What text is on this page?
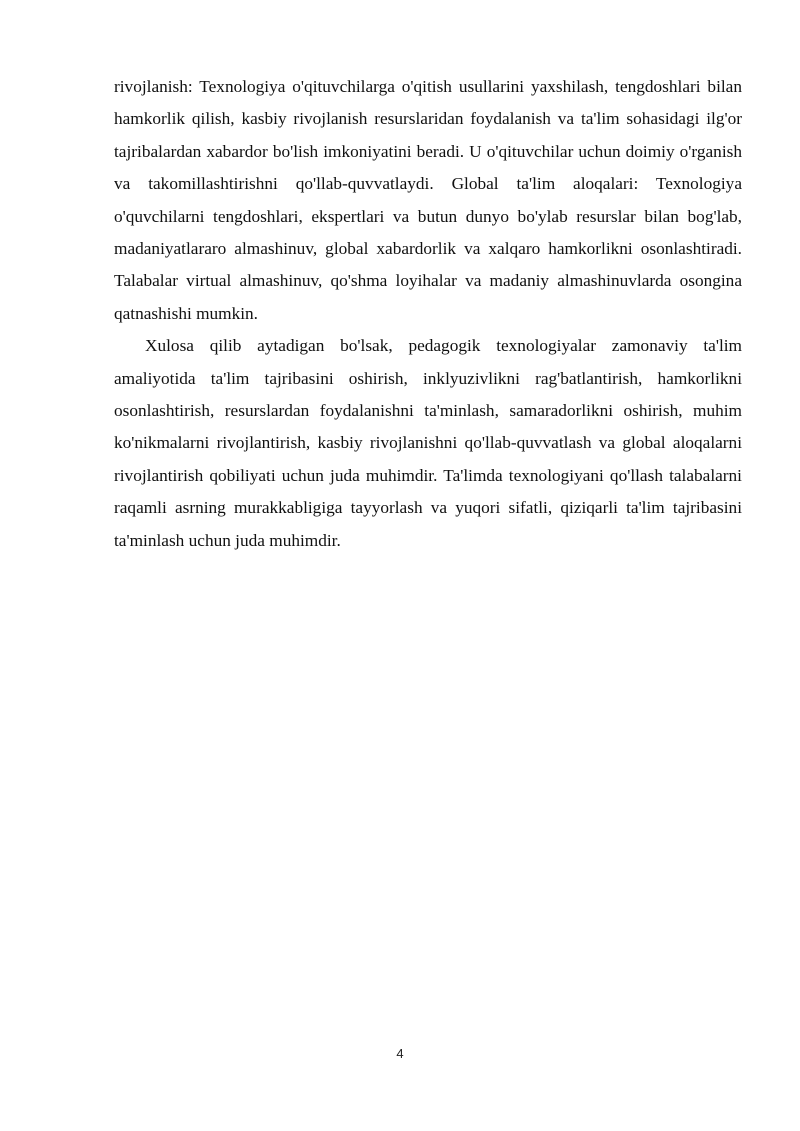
rivojlanish: Texnologiya o'qituvchilarga o'qitish usullarini yaxshilash, tengdoshlari bilan hamkorlik qilish, kasbiy rivojlanish resurslaridan foydalanish va ta'lim sohasidagi ilg'or tajribalardan xabardor bo'lish imkoniyatini beradi. U o'qituvchilar uchun doimiy o'rganish va takomillashtirishni qo'llab-quvvatlaydi. Global ta'lim aloqalari: Texnologiya o'quvchilarni tengdoshlari, ekspertlari va butun dunyo bo'ylab resurslar bilan bog'lab, madaniyatlararo almashinuv, global xabardorlik va xalqaro hamkorlikni osonlashtiradi. Talabalar virtual almashinuv, qo'shma loyihalar va madaniy almashinuvlarda osongina qatnashishi mumkin.

Xulosa qilib aytadigan bo'lsak, pedagogik texnologiyalar zamonaviy ta'lim amaliyotida ta'lim tajribasini oshirish, inklyuzivlikni rag'batlantirish, hamkorlikni osonlashtirish, resurslardan foydalanishni ta'minlash, samaradorlikni oshirish, muhim ko'nikmalarni rivojlantirish, kasbiy rivojlanishni qo'llab-quvvatlash va global aloqalarni rivojlantirish qobiliyati uchun juda muhimdir. Ta'limda texnologiyani qo'llash talabalarni raqamli asrning murakkabligiga tayyorlash va yuqori sifatli, qiziqarli ta'lim tajribasini ta'minlash uchun juda muhimdir.

4
